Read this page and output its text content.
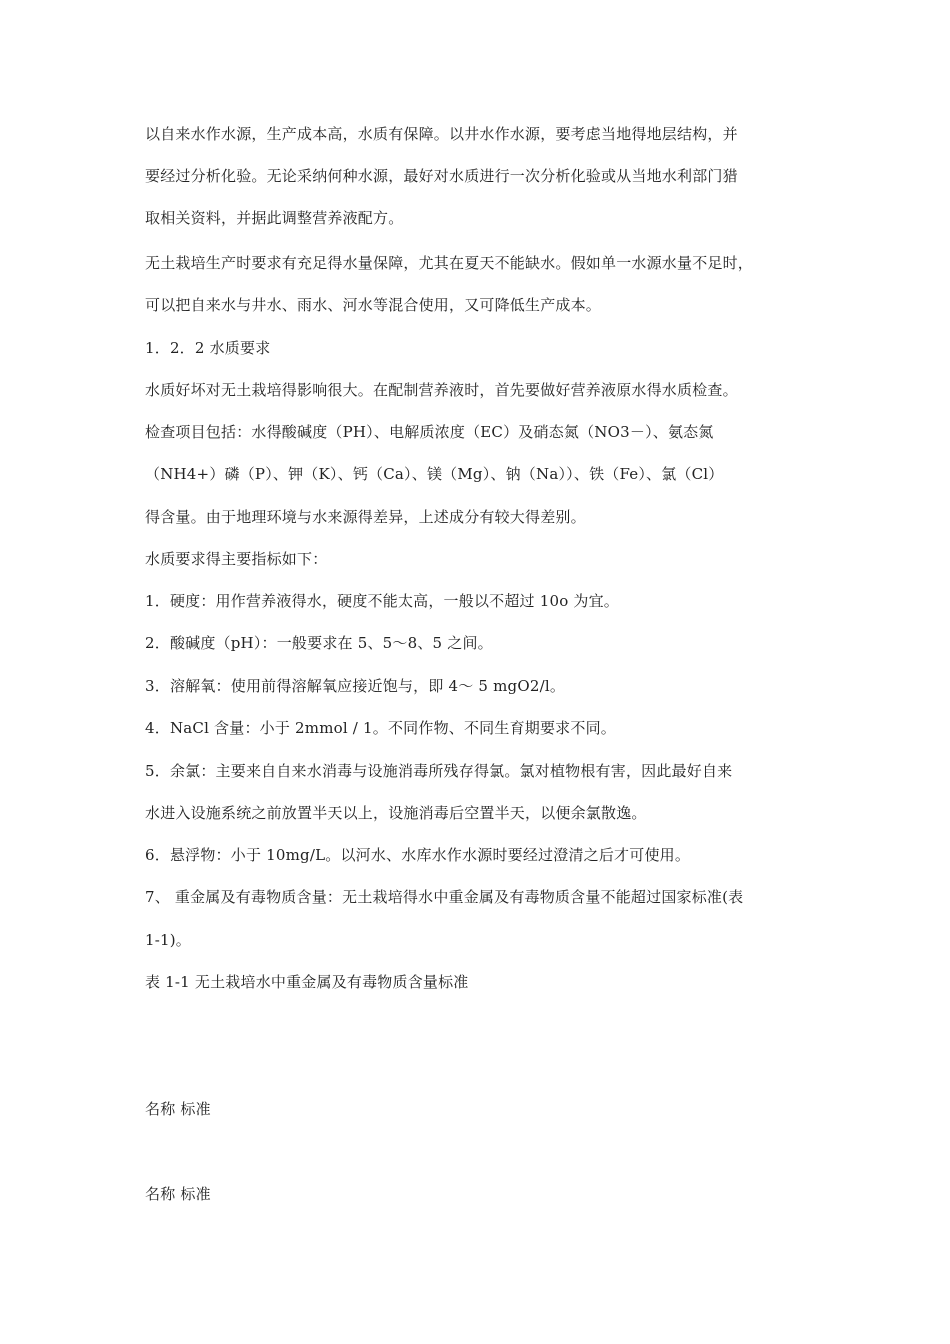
以自来水作水源，生产成本高，水质有保障。以井水作水源，要考虑当地得地层结构，并
要经过分析化验。无论采纳何种水源，最好对水质进行一次分析化验或从当地水利部门猎
取相关资料，并据此调整营养液配方。
无土栽培生产时要求有充足得水量保障，尤其在夏天不能缺水。假如单一水源水量不足时，
可以把自来水与井水、雨水、河水等混合使用，又可降低生产成本。
1．2．2 水质要求
水质好坏对无土栽培得影响很大。在配制营养液时，首先要做好营养液原水得水质检查。
检查项目包括：水得酸碱度（PH）、电解质浓度（EC）及硝态氮（NO3－）、氨态氮
（NH4+）磷（P）、钾（K）、钙（Ca）、镁（Mg）、钠（Na））、铁（Fe）、氯（Cl）
得含量。由于地理环境与水来源得差异，上述成分有较大得差别。
水质要求得主要指标如下：
1．硬度：用作营养液得水，硬度不能太高，一般以不超过 10o 为宜。
2．酸碱度（pH）：一般要求在 5、5～8、5 之间。
3．溶解氧：使用前得溶解氧应接近饱与，即 4～ 5 mgO2/l。
4．NaCl 含量：小于 2mmol / 1。不同作物、不同生育期要求不同。
5．余氯：主要来自自来水消毒与设施消毒所残存得氯。氯对植物根有害，因此最好自来
水进入设施系统之前放置半天以上，设施消毒后空置半天，以便余氯散逸。
6．悬浮物：小于 10mg/L。以河水、水库水作水源时要经过澄清之后才可使用。
7、 重金属及有毒物质含量：无土栽培得水中重金属及有毒物质含量不能超过国家标准(表
1-1)。
表 1-1 无土栽培水中重金属及有毒物质含量标准
名称 标准
名称 标准
